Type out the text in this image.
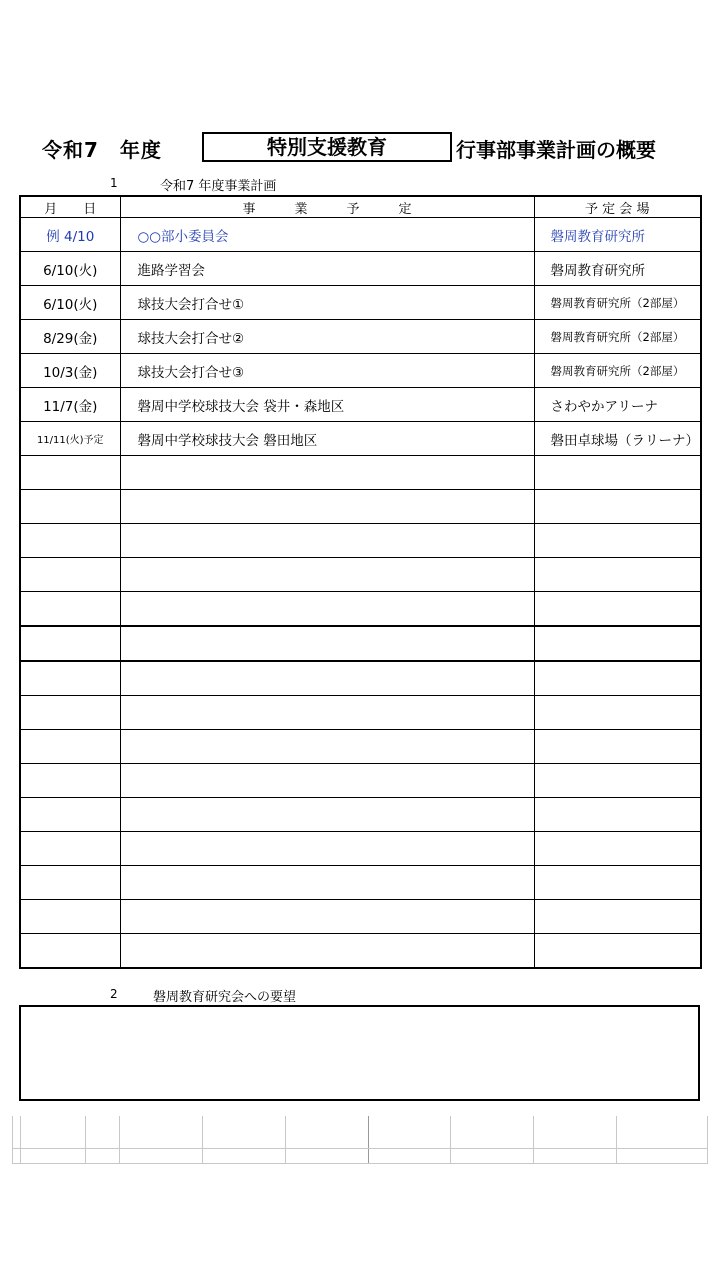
令和7　年度	特別支援教育	行事部事業計画の概要
1	令和7 年度事業計画
月　　日	事　　　業　　　予　　　定	予 定 会 場
例 4/10	○○部小委員会	磐周教育研究所
6/10(火)	進路学習会	磐周教育研究所
6/10(火)	球技大会打合せ①	磐周教育研究所（2部屋）
8/29(金)	球技大会打合せ②	磐周教育研究所（2部屋）
10/3(金)	球技大会打合せ③	磐周教育研究所（2部屋）
11/7(金)	磐周中学校球技大会 袋井・森地区	さわやかアリーナ
11/11(火)予定	磐周中学校球技大会 磐田地区	磐田卓球場（ラリーナ）

2	磐周教育研究会への要望
